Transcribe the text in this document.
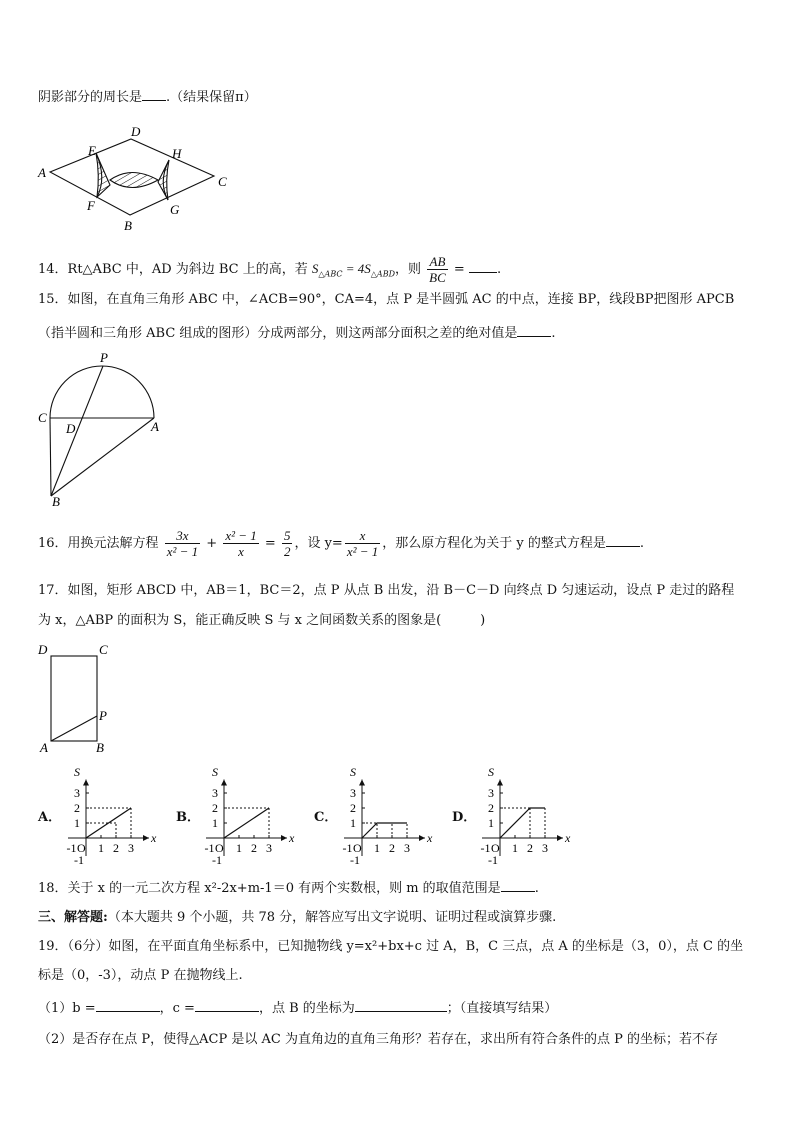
阴影部分的周长是 .（结果保留π）
A
D
C
B
E	H
F	G
14．Rt△ABC 中，AD 为斜边 BC 上的高，若 $S_{\triangle ABC} = 4S_{\triangle ABD}$，则 $\frac{AB}{BC}$ = .
15．如图，在直角三角形 ABC 中，∠ACB=90°，CA=4，点 P 是半圆弧 AC 的中点，连接 BP，线段BP把图形 APCB
（指半圆和三角形 ABC 组成的图形）分成两部分，则这两部分面积之差的绝对值是	.
P
C
D	A
B
16．用换元法解方程 $\frac{3x}{\text{x² − 1}} + \frac{\text{x² − 1}}{x} = \frac{5}{2}$ ，设 $y= \frac{x}{\text{x² − 1}}$ ，那么原方程化为关于 y 的整式方程是	.
17．如图，矩形 ABCD 中，AB＝1，BC＝2，点 P 从点 B 出发，沿 B－C－D 向终点 D 匀速运动，设点 P 走过的路程
为 x，△ABP 的面积为 S，能正确反映 S 与 x 之间函数关系的图象是(　　　)
D	C
P
A	B
A．
S
x
3
2
1
-1 O 1 2 3
-1
B．
S
x
3
2
1
-1 O 1 2 3
-1
C．
S
x
3
2
1
-1 O 1 2 3
-1
D．
S
x
3
2
1
-1 O 1 2 3
-1
18．关于 x 的一元二次方程 x²-2x+m-1＝0 有两个实数根，则 m 的取值范围是	.
三、解答题:（本大题共 9 个小题，共 78 分，解答应写出文字说明、证明过程或演算步骤.
19．（6分）如图，在平面直角坐标系中，已知抛物线 y=x²+bx+c 过 A，B，C 三点，点 A 的坐标是（3，0），点 C 的坐
标是（0，-3），动点 P 在抛物线上.
（1）b =	，c =	，点 B 的坐标为	；（直接填写结果）
（2）是否存在点 P，使得△ACP 是以 AC 为直角边的直角三角形？若存在，求出所有符合条件的点 P 的坐标；若不存
